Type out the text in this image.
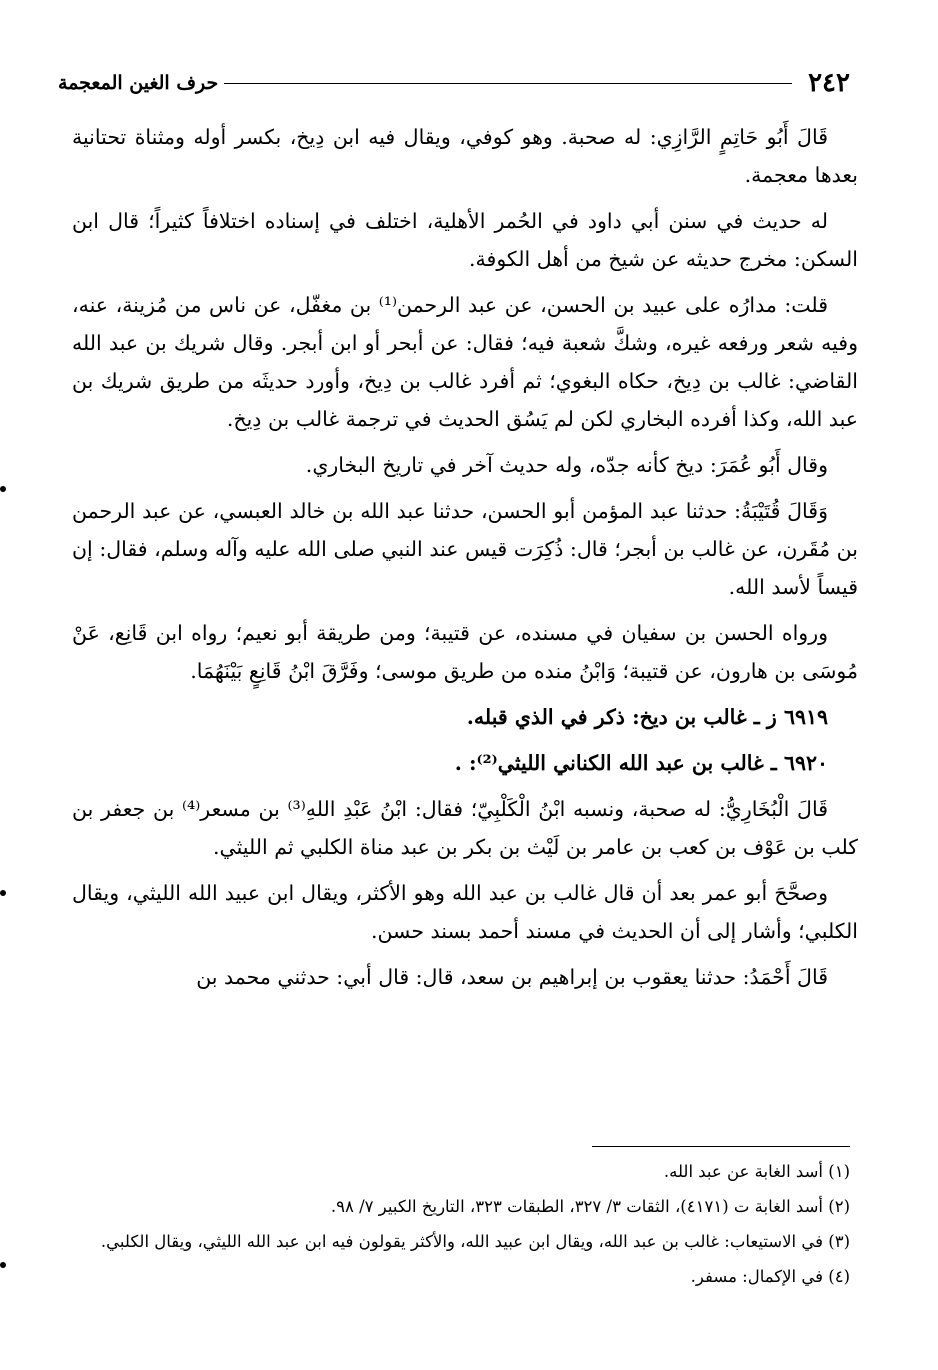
٢٤٢
حرف الغين المعجمة

قَالَ أَبُو حَاتِمٍ الرَّازِي: له صحبة. وهو كوفي، ويقال فيه ابن دِيخ، بكسر أوله ومثناة تحتانية بعدها معجمة.

له حديث في سنن أبي داود في الحُمر الأهلية، اختلف في إسناده اختلافاً كثيراً؛ قال ابن السكن: مخرج حديثه عن شيخ من أهل الكوفة.

قلت: مدارُه على عبيد بن الحسن، عن عبد الرحمن⁽¹⁾ بن مغفّل، عن ناس من مُزينة، عنه، وفيه شعر ورفعه غيره، وشكَّ شعبة فيه؛ فقال: عن أبحر أو ابن أبجر. وقال شريك بن عبد الله القاضي: غالب بن دِيخ، حكاه البغوي؛ ثم أفرد غالب بن دِيخ، وأورد حديثَه من طريق شريك بن عبد الله، وكذا أفرده البخاري لكن لم يَسُق الحديث في ترجمة غالب بن دِيخ.

وقال أَبُو عُمَرَ: ديخ كأنه جدّه، وله حديث آخر في تاريخ البخاري.

وَقَالَ قُتَيْبَةُ: حدثنا عبد المؤمن أبو الحسن، حدثنا عبد الله بن خالد العبسي، عن عبد الرحمن بن مُقَرن، عن غالب بن أبجر؛ قال: ذُكِرَت قيس عند النبي صلى الله عليه وآله وسلم، فقال: إن قيساً لأسد الله.

ورواه الحسن بن سفيان في مسنده، عن قتيبة؛ ومن طريقة أبو نعيم؛ رواه ابن قَانِع، عَنْ مُوسَى بن هارون، عن قتيبة؛ وَابْنُ منده من طريق موسى؛ وفَرَّقَ ابْنُ قَانِعٍ بَيْنَهُمَا.

٦٩١٩ ز ـ غالب بن ديخ: ذكر في الذي قبله.

٦٩٢٠ ـ غالب بن عبد الله الكناني الليثي⁽²⁾: .

قَالَ الْبُخَارِيُّ: له صحبة، ونسبه ابْنُ الْكَلْبِيّ؛ فقال: ابْنُ عَبْدِ اللهِ⁽³⁾ بن مسعر⁽⁴⁾ بن جعفر بن كلب بن عَوْف بن كعب بن عامر بن لَيْث بن بكر بن عبد مناة الكلبي ثم الليثي.

وصحَّحَ أبو عمر بعد أن قال غالب بن عبد الله وهو الأكثر، ويقال ابن عبيد الله الليثي، ويقال الكلبي؛ وأشار إلى أن الحديث في مسند أحمد بسند حسن.

قَالَ أَحْمَدُ: حدثنا يعقوب بن إبراهيم بن سعد، قال: قال أبي: حدثني محمد بن

(١) أسد الغابة عن عبد الله.

(٢) أسد الغابة ت (٤١٧١)، الثقات ٣/ ٣٢٧، الطبقات ٣٢٣، التاريخ الكبير ٧/ ٩٨.

(٣) في الاستيعاب: غالب بن عبد الله، ويقال ابن عبيد الله، والأكثر يقولون فيه ابن عبد الله الليثي، ويقال الكلبي.

(٤) في الإكمال: مسفر.
